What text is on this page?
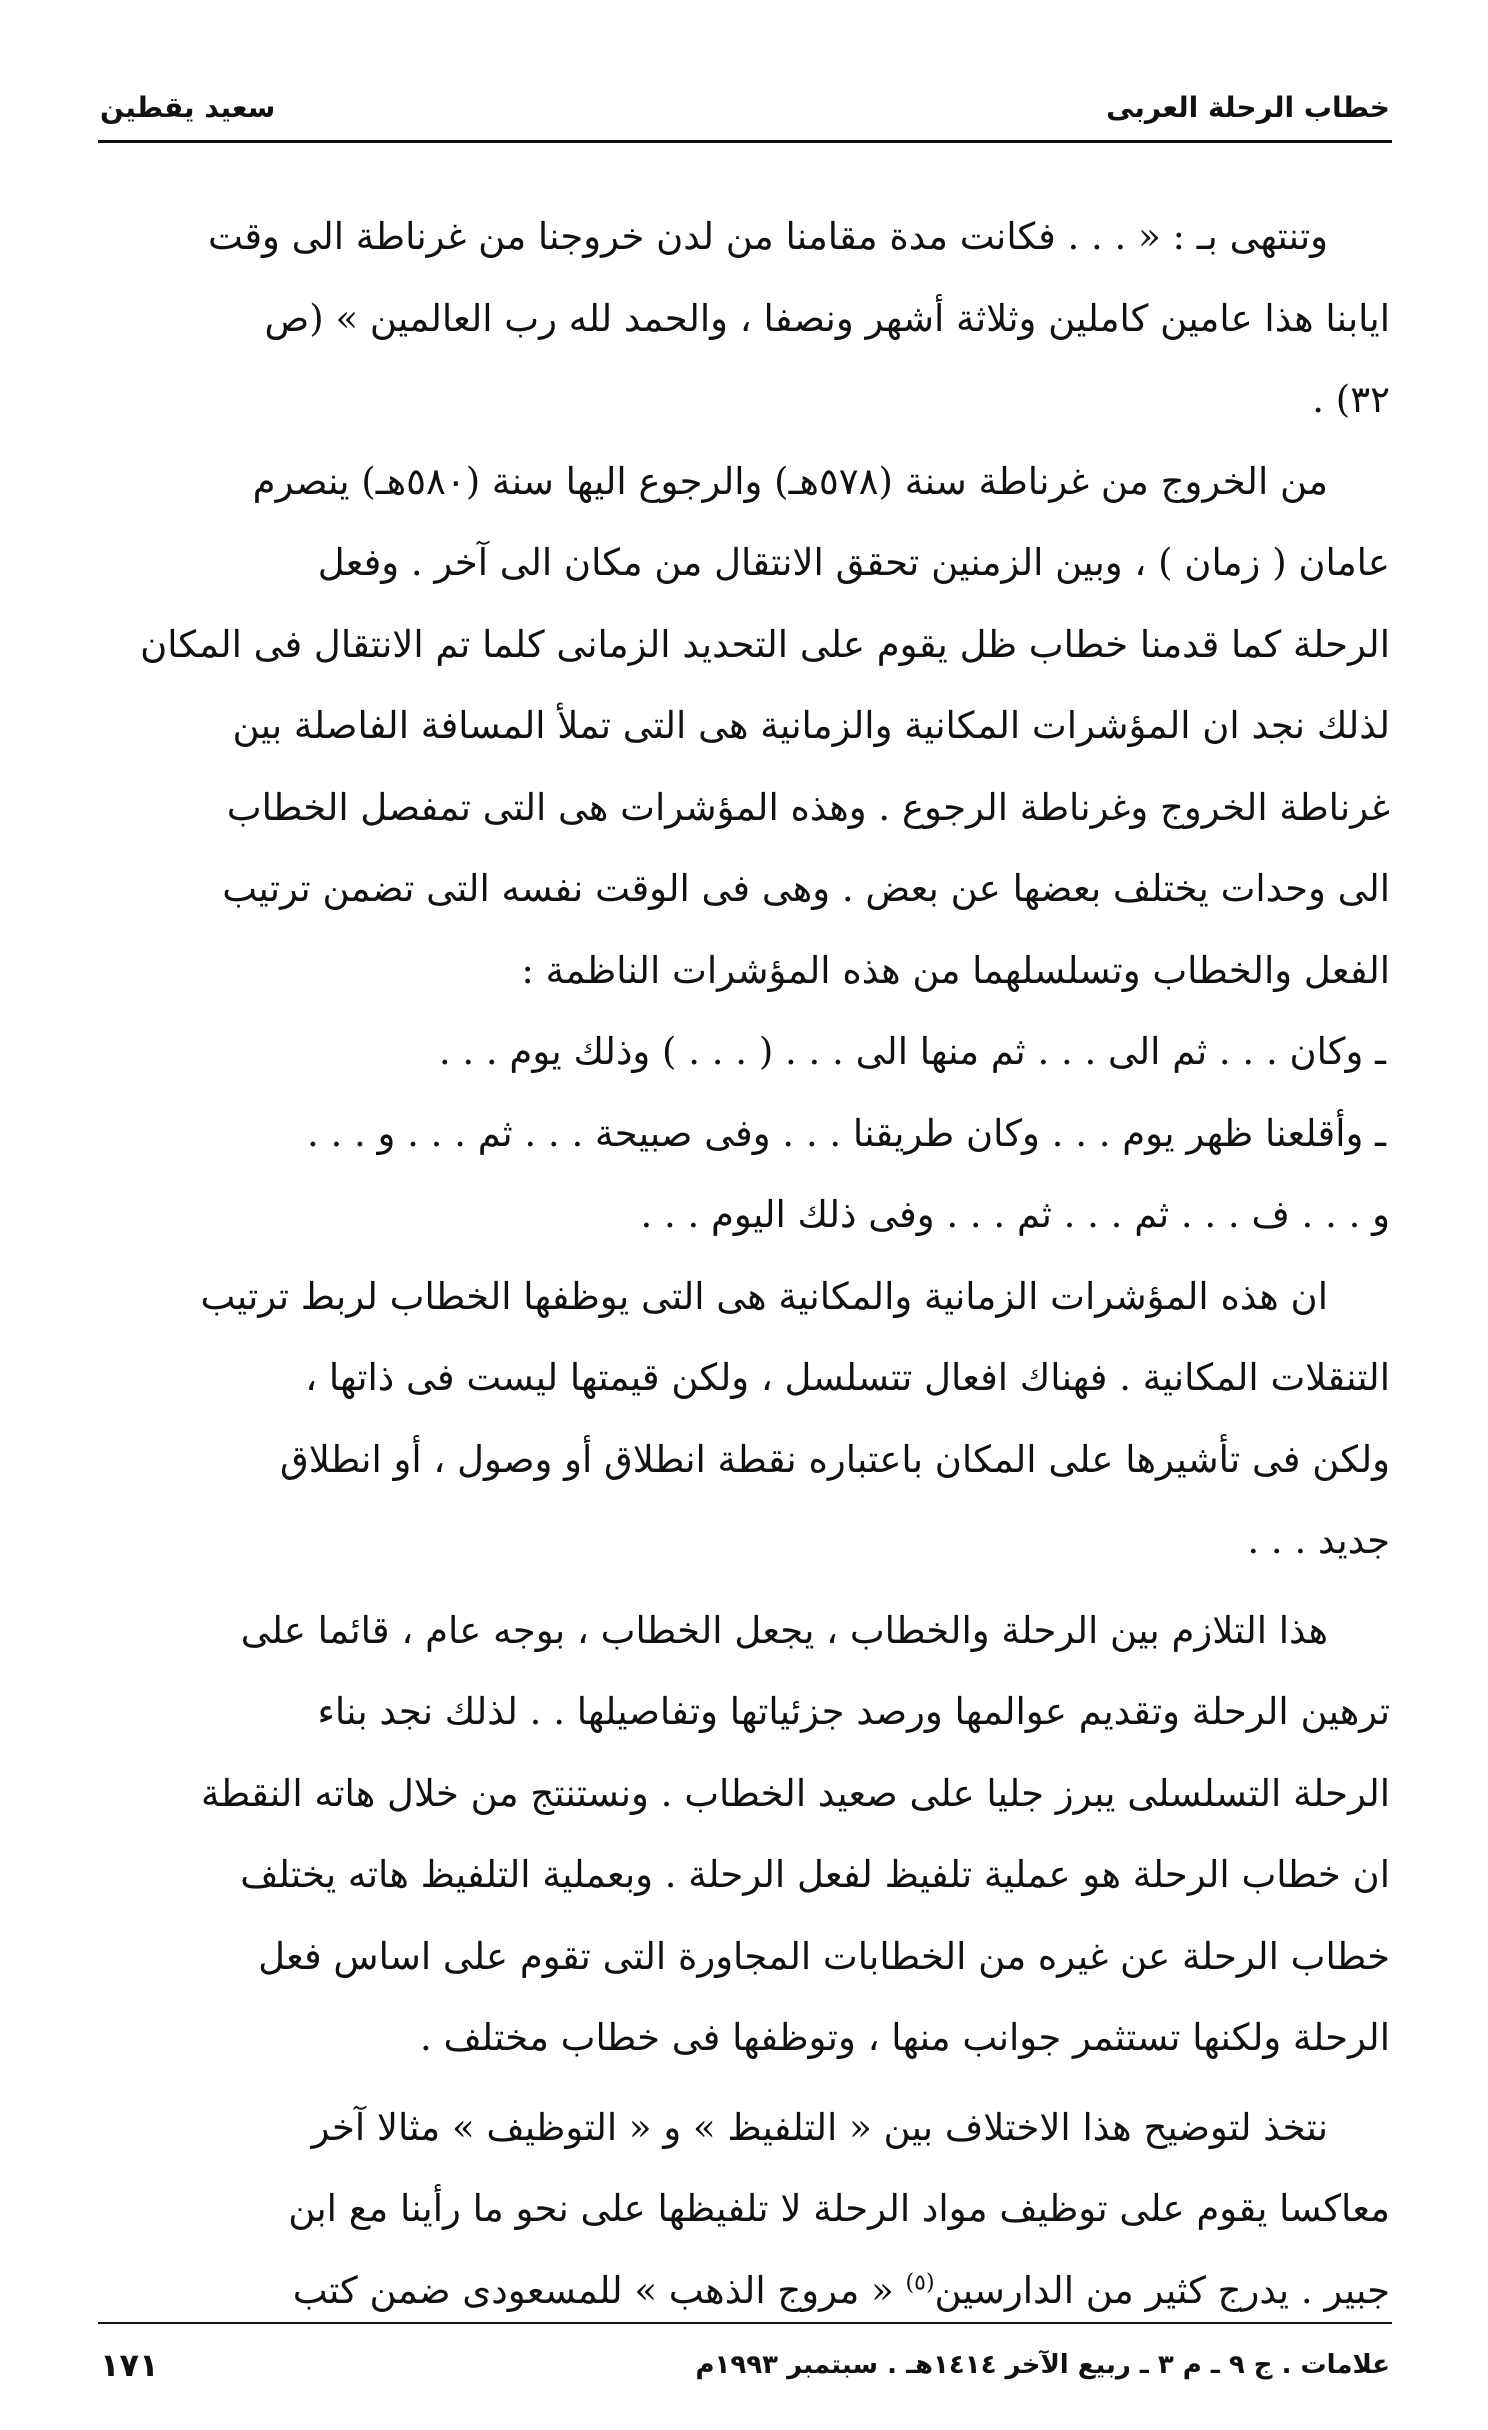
خطاب الرحلة العربى
سعيد يقطين
وتنتهى بـ : « . . . فكانت مدة مقامنا من لدن خروجنا من غرناطة الى وقت
ايابنا هذا عامين كاملين وثلاثة أشهر ونصفا ، والحمد لله رب العالمين » (ص
٣٢) .
من الخروج من غرناطة سنة (٥٧٨هـ) والرجوع اليها سنة (٥٨٠هـ) ينصرم
عامان ( زمان ) ، وبين الزمنين تحقق الانتقال من مكان الى آخر . وفعل
الرحلة كما قدمنا خطاب ظل يقوم على التحديد الزمانى كلما تم الانتقال فى المكان
لذلك نجد ان المؤشرات المكانية والزمانية هى التى تملأ المسافة الفاصلة بين
غرناطة الخروج وغرناطة الرجوع . وهذه المؤشرات هى التى تمفصل الخطاب
الى وحدات يختلف بعضها عن بعض . وهى فى الوقت نفسه التى تضمن ترتيب
الفعل والخطاب وتسلسلهما من هذه المؤشرات الناظمة :
ـ وكان . . . ثم الى . . . ثم منها الى . . . ( . . . ) وذلك يوم . . .
ـ وأقلعنا ظهر يوم . . . وكان طريقنا . . . وفى صبيحة . . . ثم . . . و . . .
و . . . ف . . . ثم . . . ثم . . . وفى ذلك اليوم . . .
ان هذه المؤشرات الزمانية والمكانية هى التى يوظفها الخطاب لربط ترتيب
التنقلات المكانية . فهناك افعال تتسلسل ، ولكن قيمتها ليست فى ذاتها ،
ولكن فى تأشيرها على المكان باعتباره نقطة انطلاق أو وصول ، أو انطلاق
جديد . . .
هذا التلازم بين الرحلة والخطاب ، يجعل الخطاب ، بوجه عام ، قائما على
ترهين الرحلة وتقديم عوالمها ورصد جزئياتها وتفاصيلها . . لذلك نجد بناء
الرحلة التسلسلى يبرز جليا على صعيد الخطاب . ونستنتج من خلال هاته النقطة
ان خطاب الرحلة هو عملية تلفيظ لفعل الرحلة . وبعملية التلفيظ هاته يختلف
خطاب الرحلة عن غيره من الخطابات المجاورة التى تقوم على اساس فعل
الرحلة ولكنها تستثمر جوانب منها ، وتوظفها فى خطاب مختلف .
نتخذ لتوضيح هذا الاختلاف بين « التلفيظ » و « التوظيف » مثالا آخر
معاكسا يقوم على توظيف مواد الرحلة لا تلفيظها على نحو ما رأينا مع ابن
جبير . يدرج كثير من الدارسين$^{(٥)}$ « مروج الذهب » للمسعودى ضمن كتب
علامات . ج ٩ ـ م ٣ ـ ربيع الآخر ١٤١٤هـ . سبتمبر ١٩٩٣م
١٧١
